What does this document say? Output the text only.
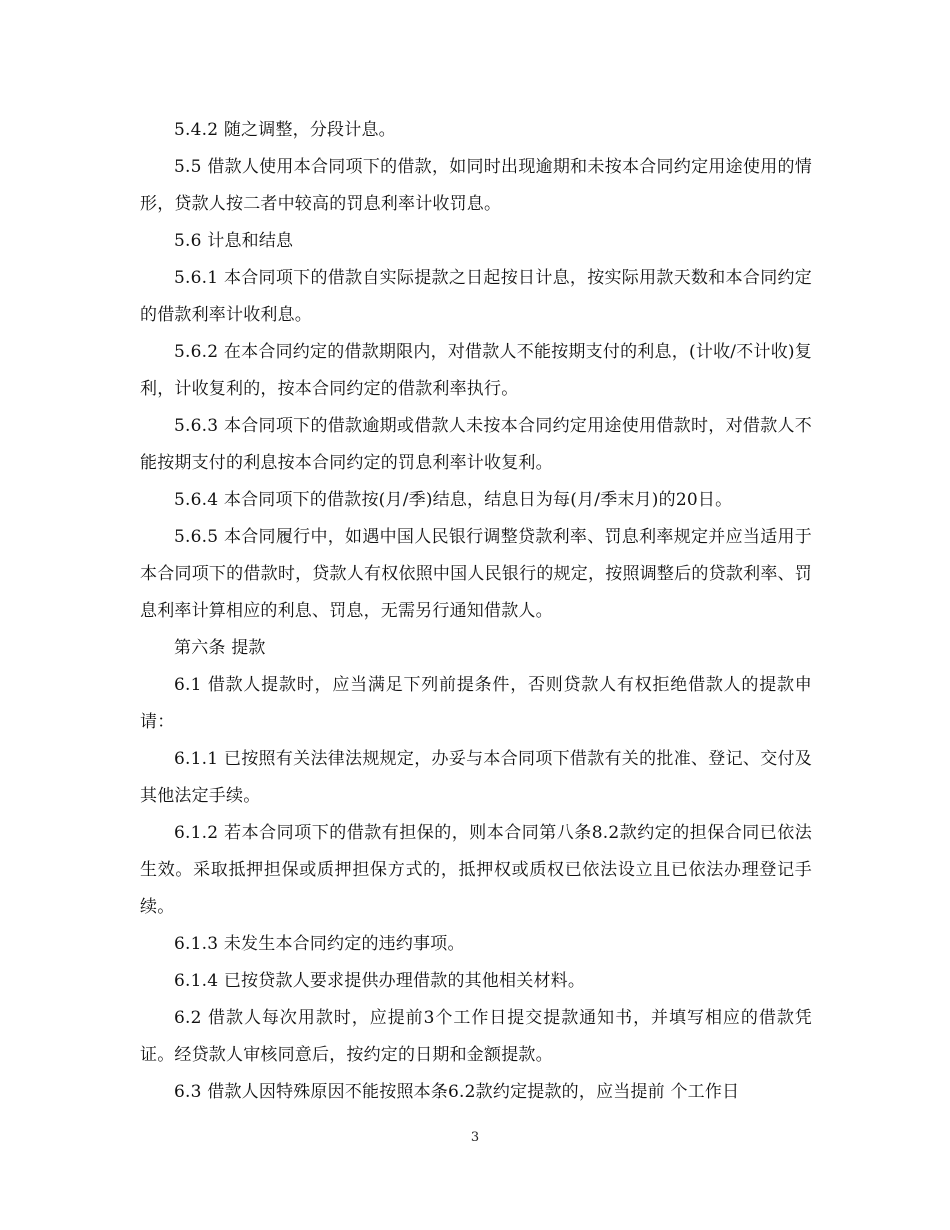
5.4.2 随之调整，分段计息。

5.5 借款人使用本合同项下的借款，如同时出现逾期和未按本合同约定用途使用的情形，贷款人按二者中较高的罚息利率计收罚息。

5.6 计息和结息

5.6.1 本合同项下的借款自实际提款之日起按日计息，按实际用款天数和本合同约定的借款利率计收利息。

5.6.2 在本合同约定的借款期限内，对借款人不能按期支付的利息，(计收/不计收)复利，计收复利的，按本合同约定的借款利率执行。

5.6.3 本合同项下的借款逾期或借款人未按本合同约定用途使用借款时，对借款人不能按期支付的利息按本合同约定的罚息利率计收复利。

5.6.4 本合同项下的借款按(月/季)结息，结息日为每(月/季末月)的20日。

5.6.5 本合同履行中，如遇中国人民银行调整贷款利率、罚息利率规定并应当适用于本合同项下的借款时，贷款人有权依照中国人民银行的规定，按照调整后的贷款利率、罚息利率计算相应的利息、罚息，无需另行通知借款人。

第六条 提款

6.1 借款人提款时，应当满足下列前提条件，否则贷款人有权拒绝借款人的提款申请：

6.1.1 已按照有关法律法规规定，办妥与本合同项下借款有关的批准、登记、交付及其他法定手续。

6.1.2 若本合同项下的借款有担保的，则本合同第八条8.2款约定的担保合同已依法生效。采取抵押担保或质押担保方式的，抵押权或质权已依法设立且已依法办理登记手续。

6.1.3 未发生本合同约定的违约事项。

6.1.4 已按贷款人要求提供办理借款的其他相关材料。

6.2 借款人每次用款时，应提前3个工作日提交提款通知书，并填写相应的借款凭证。经贷款人审核同意后，按约定的日期和金额提款。

6.3 借款人因特殊原因不能按照本条6.2款约定提款的，应当提前 个工作日

3
